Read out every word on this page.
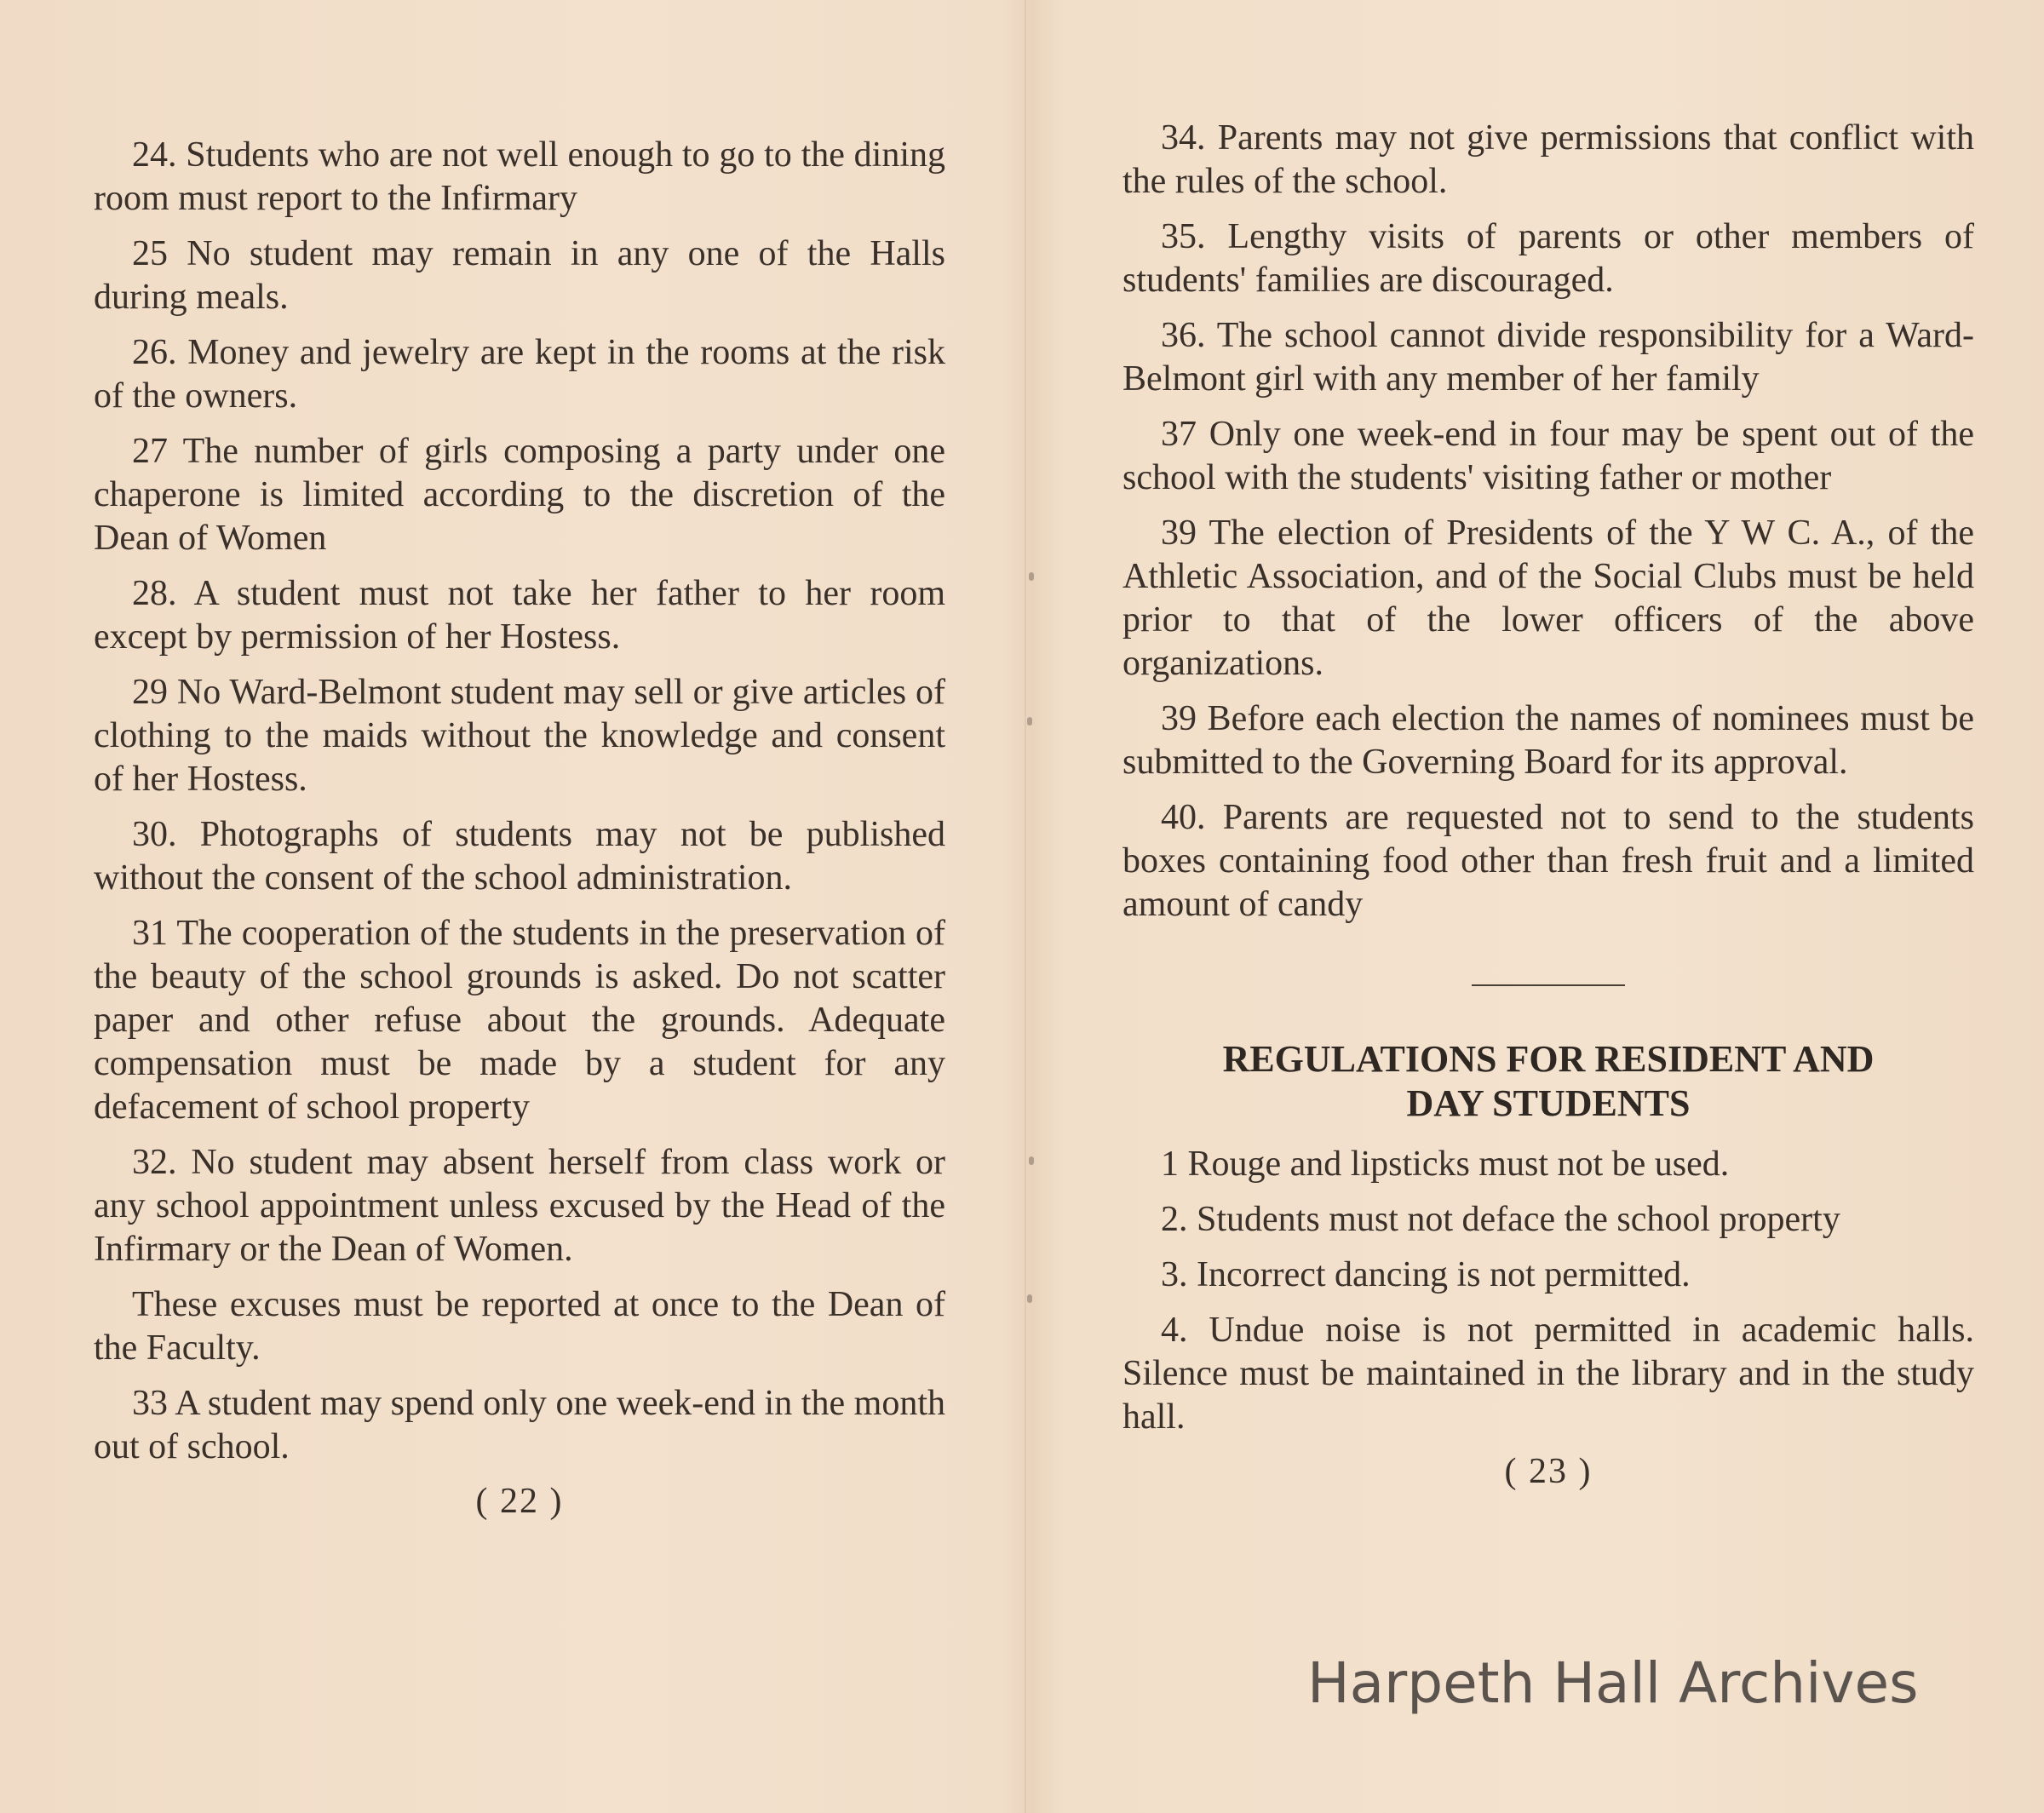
24. Students who are not well enough to go to the dining room must report to the Infirmary

25 No student may remain in any one of the Halls during meals.

26. Money and jewelry are kept in the rooms at the risk of the owners.

27 The number of girls composing a party under one chaperone is limited according to the discretion of the Dean of Women

28. A student must not take her father to her room except by permission of her Hostess.

29 No Ward-Belmont student may sell or give articles of clothing to the maids without the knowledge and consent of her Hostess.

30. Photographs of students may not be published without the consent of the school administration.

31 The cooperation of the students in the preservation of the beauty of the school grounds is asked. Do not scatter paper and other refuse about the grounds. Adequate compensation must be made by a student for any defacement of school property

32. No student may absent herself from class work or any school appointment unless excused by the Head of the Infirmary or the Dean of Women.

These excuses must be reported at once to the Dean of the Faculty.

33 A student may spend only one week-end in the month out of school.

( 22 )

34. Parents may not give permissions that conflict with the rules of the school.

35. Lengthy visits of parents or other members of students' families are discouraged.

36. The school cannot divide responsibility for a Ward-Belmont girl with any member of her family

37 Only one week-end in four may be spent out of the school with the students' visiting father or mother

39 The election of Presidents of the Y W C. A., of the Athletic Association, and of the Social Clubs must be held prior to that of the lower officers of the above organizations.

39 Before each election the names of nominees must be submitted to the Governing Board for its approval.

40. Parents are requested not to send to the students boxes containing food other than fresh fruit and a limited amount of candy

REGULATIONS FOR RESIDENT AND
DAY STUDENTS

1 Rouge and lipsticks must not be used.

2. Students must not deface the school property

3. Incorrect dancing is not permitted.

4. Undue noise is not permitted in academic halls. Silence must be maintained in the library and in the study hall.

( 23 )
Harpeth Hall Archives
